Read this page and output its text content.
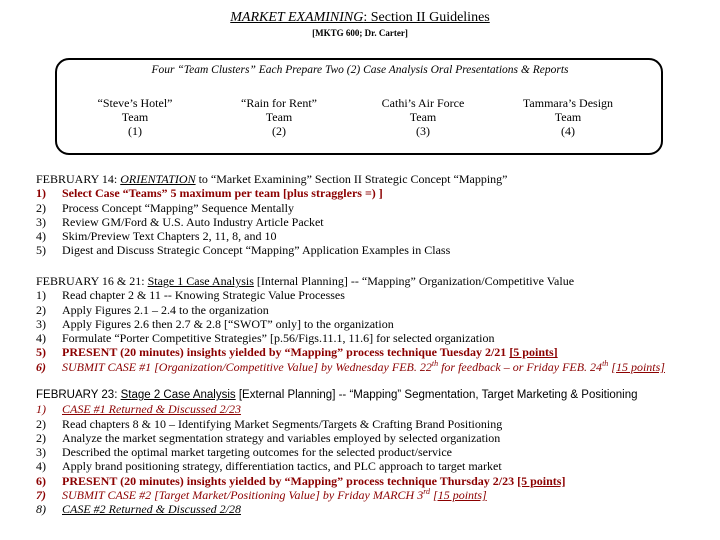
MARKET EXAMINING: Section II Guidelines
[MKTG 600; Dr. Carter]
Four “Team Clusters” Each Prepare Two (2) Case Analysis Oral Presentations & Reports
“Steve’s Hotel”
Team
(1)
“Rain for Rent”
Team
(2)
Cathi’s Air Force
Team
(3)
Tammara’s Design
Team
(4)
FEBRUARY 14: ORIENTATION to “Market Examining” Section II Strategic Concept “Mapping”
1)	Select Case “Teams” 5 maximum per team [plus stragglers =) ]
2)	Process Concept “Mapping” Sequence Mentally
3)	Review GM/Ford & U.S. Auto Industry Article Packet
4)	Skim/Preview Text Chapters 2, 11, 8, and 10
5)	Digest and Discuss Strategic Concept “Mapping” Application Examples in Class
FEBRUARY 16 & 21: Stage 1 Case Analysis [Internal Planning] -- “Mapping” Organization/Competitive Value
1)	Read chapter 2 & 11 -- Knowing Strategic Value Processes
2)	Apply Figures 2.1 – 2.4 to the organization
3)	Apply Figures 2.6 then 2.7 & 2.8 [“SWOT” only] to the organization
4)	Formulate “Porter Competitive Strategies” [p.56/Figs.11.1, 11.6] for selected organization
5)	PRESENT (20 minutes) insights yielded by “Mapping” process technique Tuesday 2/21 [5 points]
6)	SUBMIT CASE #1 [Organization/Competitive Value] by Wednesday FEB. 22th for feedback – or Friday FEB. 24th [15 points]
FEBRUARY 23: Stage 2 Case Analysis [External Planning] -- “Mapping” Segmentation, Target Marketing & Positioning
1)	CASE #1 Returned & Discussed 2/23
2)	Read chapters 8 & 10 – Identifying Market Segments/Targets & Crafting Brand Positioning
2)	Analyze the market segmentation strategy and variables employed by selected organization
3)	Described the optimal market targeting outcomes for the selected product/service
4)	Apply brand positioning strategy, differentiation tactics, and PLC approach to target market
6)	PRESENT (20 minutes) insights yielded by “Mapping” process technique Thursday 2/23 [5 points]
7)	SUBMIT CASE #2 [Target Market/Positioning Value] by Friday MARCH 3rd [15 points]
8)	CASE #2 Returned & Discussed 2/28
